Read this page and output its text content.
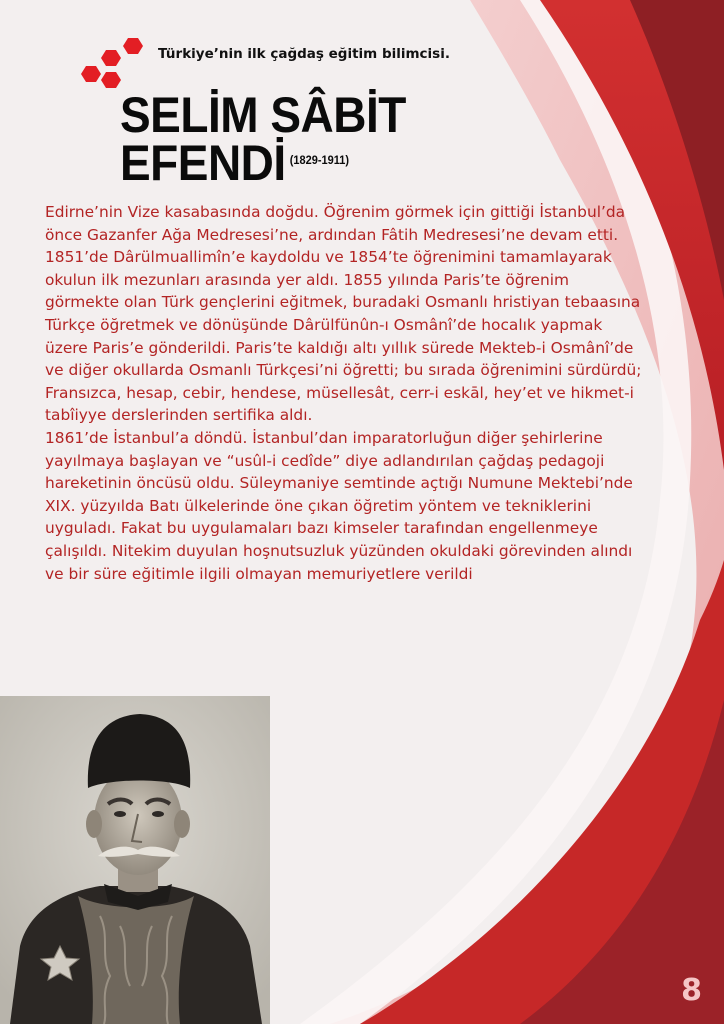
Türkiye’nin ilk çağdaş eğitim bilimcisi.
SELİM SÂBİT
EFENDİ (1829-1911)

Edirne’nin Vize kasabasında doğdu. Öğrenim görmek için gittiği İstanbul’da önce Gazanfer Ağa Medresesi’ne, ardından Fâtih Medresesi’ne devam etti. 1851’de Dârülmuallimîn’e kaydoldu ve 1854’te öğrenimini tamamlayarak okulun ilk mezunları arasında yer aldı. 1855 yılında Paris’te öğrenim görmekte olan Türk gençlerini eğitmek, buradaki Osmanlı hristiyan tebaasına Türkçe öğretmek ve dönüşünde Dârülfünûn-ı Osmânî’de hocalık yapmak üzere Paris’e gönderildi. Paris’te kaldığı altı yıllık sürede Mekteb-i Osmânî’de ve diğer okullarda Osmanlı Türkçesi’ni öğretti; bu sırada öğrenimini sürdürdü; Fransızca, hesap, cebir, hendese, müsellesât, cerr-i eskāl, hey’et ve hikmet-i tabîiyye derslerinden sertifika aldı.

1861’de İstanbul’a döndü. İstanbul’dan imparatorluğun diğer şehirlerine yayılmaya başlayan ve “usûl-i cedîde” diye adlandırılan çağdaş pedagoji hareketinin öncüsü oldu. Süleymaniye semtinde açtığı Numune Mektebi’nde XIX. yüzyılda Batı ülkelerinde öne çıkan öğretim yöntem ve tekniklerini uyguladı. Fakat bu uygulamaları bazı kimseler tarafından engellenmeye çalışıldı. Nitekim duyulan hoşnutsuzluk yüzünden okuldaki görevinden alındı ve bir süre eğitimle ilgili olmayan memuriyetlere verildi

8
